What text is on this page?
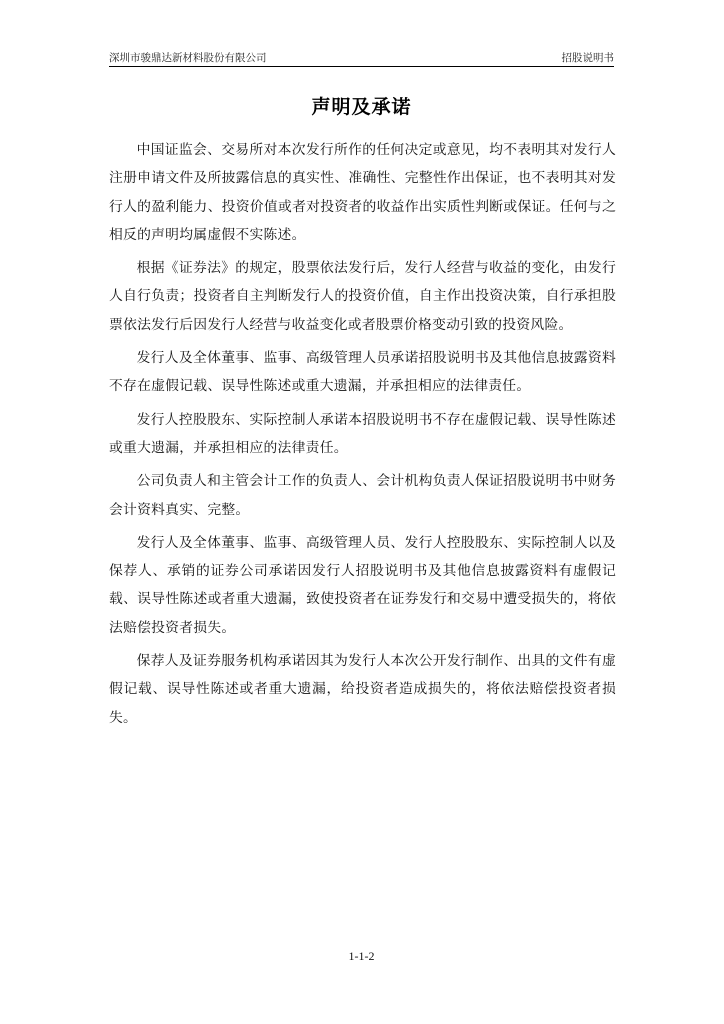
深圳市骏鼎达新材料股份有限公司	招股说明书
声明及承诺

中国证监会、交易所对本次发行所作的任何决定或意见，均不表明其对发行人注册申请文件及所披露信息的真实性、准确性、完整性作出保证，也不表明其对发行人的盈利能力、投资价值或者对投资者的收益作出实质性判断或保证。任何与之相反的声明均属虚假不实陈述。

根据《证券法》的规定，股票依法发行后，发行人经营与收益的变化，由发行人自行负责；投资者自主判断发行人的投资价值，自主作出投资决策，自行承担股票依法发行后因发行人经营与收益变化或者股票价格变动引致的投资风险。

发行人及全体董事、监事、高级管理人员承诺招股说明书及其他信息披露资料不存在虚假记载、误导性陈述或重大遗漏，并承担相应的法律责任。

发行人控股股东、实际控制人承诺本招股说明书不存在虚假记载、误导性陈述或重大遗漏，并承担相应的法律责任。

公司负责人和主管会计工作的负责人、会计机构负责人保证招股说明书中财务会计资料真实、完整。

发行人及全体董事、监事、高级管理人员、发行人控股股东、实际控制人以及保荐人、承销的证券公司承诺因发行人招股说明书及其他信息披露资料有虚假记载、误导性陈述或者重大遗漏，致使投资者在证券发行和交易中遭受损失的，将依法赔偿投资者损失。

保荐人及证券服务机构承诺因其为发行人本次公开发行制作、出具的文件有虚假记载、误导性陈述或者重大遗漏，给投资者造成损失的，将依法赔偿投资者损失。

1-1-2
